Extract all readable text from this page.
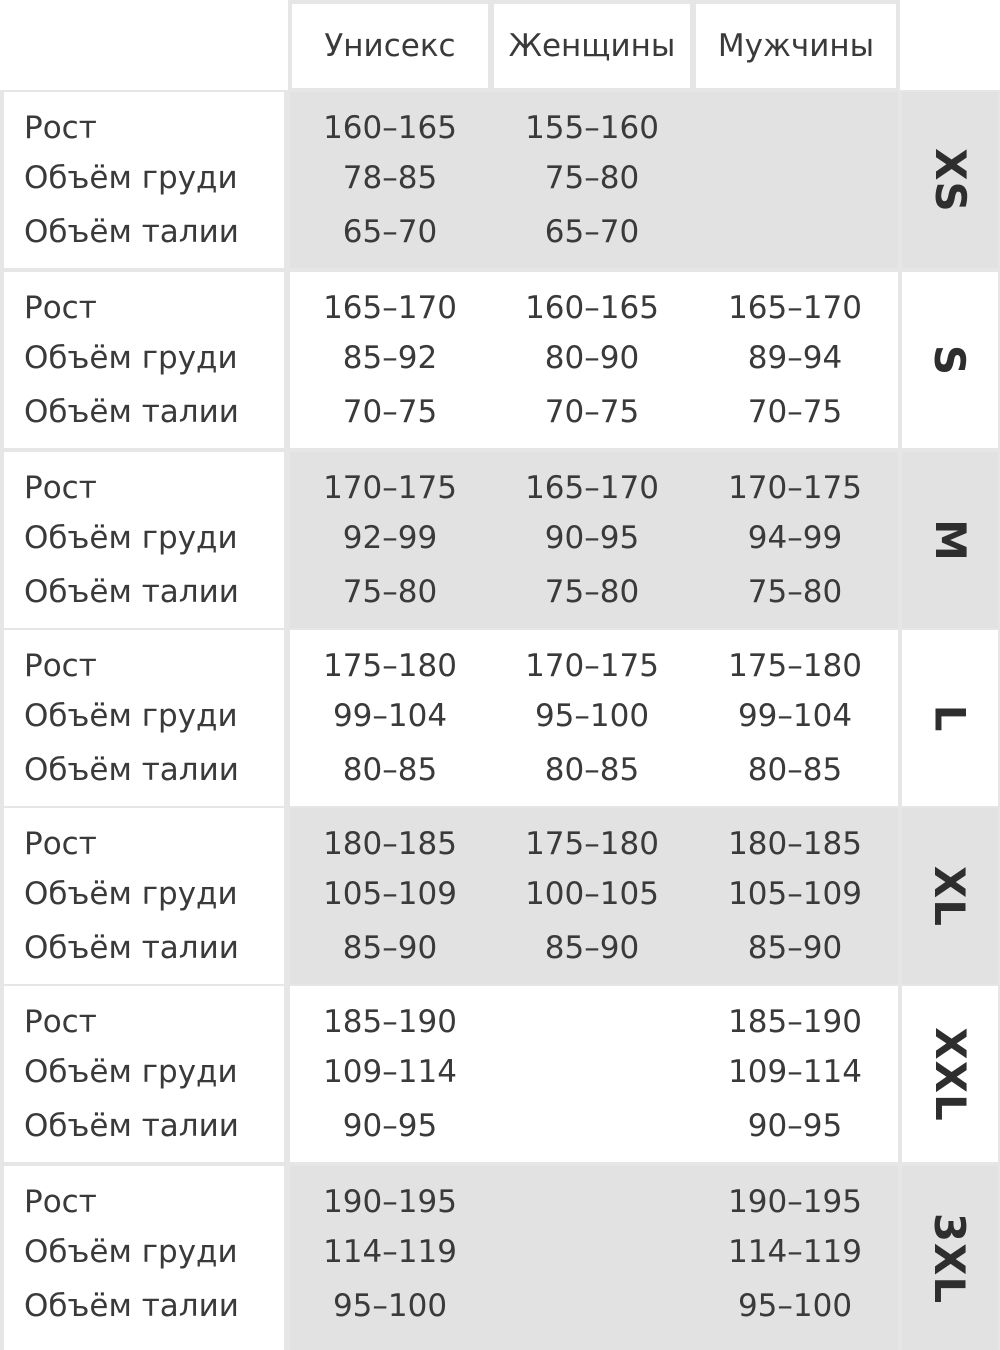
Унисекс	Женщины	Мужчины
Рост
Объём груди
Объём талии
160–165
78–85
65–70
155–160
75–80
65–70
XS
Рост
Объём груди
Объём талии
165–170
85–92
70–75
160–165
80–90
70–75
165–170
89–94
70–75
S
Рост
Объём груди
Объём талии
170–175
92–99
75–80
165–170
90–95
75–80
170–175
94–99
75–80
M
Рост
Объём груди
Объём талии
175–180
99–104
80–85
170–175
95–100
80–85
175–180
99–104
80–85
L
Рост
Объём груди
Объём талии
180–185
105–109
85–90
175–180
100–105
85–90
180–185
105–109
85–90
XL
Рост
Объём груди
Объём талии
185–190
109–114
90–95
185–190
109–114
90–95
XXL
Рост
Объём груди
Объём талии
190–195
114–119
95–100
190–195
114–119
95–100
3XL
